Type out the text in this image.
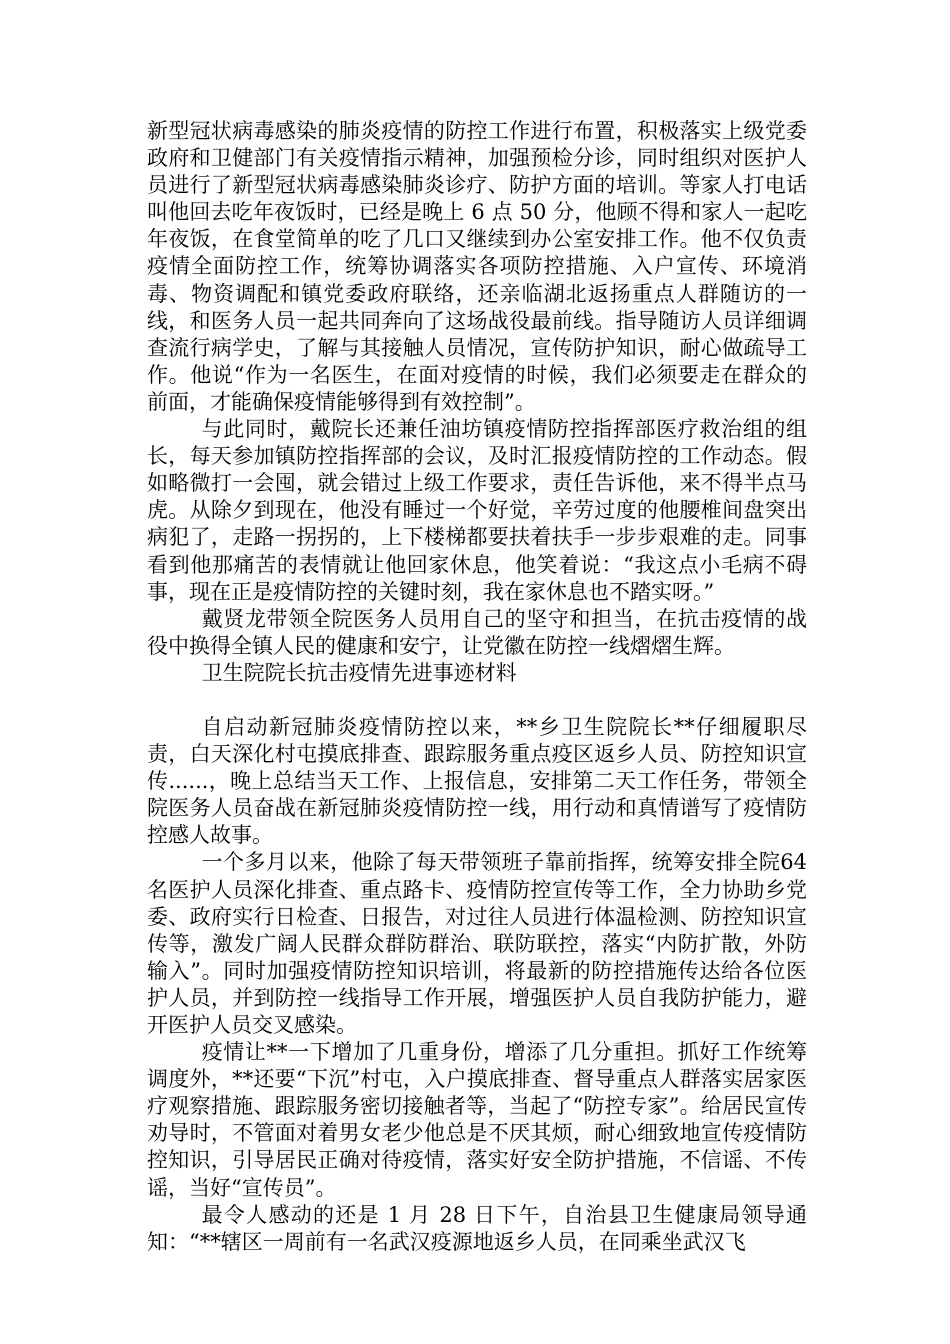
新型冠状病毒感染的肺炎疫情的防控工作进行布置，积极落实上级党委政府和卫健部门有关疫情指示精神，加强预检分诊，同时组织对医护人员进行了新型冠状病毒感染肺炎诊疗、防护方面的培训。等家人打电话叫他回去吃年夜饭时，已经是晚上 6 点 50 分，他顾不得和家人一起吃年夜饭，在食堂简单的吃了几口又继续到办公室安排工作。他不仅负责疫情全面防控工作，统筹协调落实各项防控措施、入户宣传、环境消毒、物资调配和镇党委政府联络，还亲临湖北返扬重点人群随访的一线，和医务人员一起共同奔向了这场战役最前线。指导随访人员详细调查流行病学史，了解与其接触人员情况，宣传防护知识，耐心做疏导工作。他说“作为一名医生，在面对疫情的时候，我们必须要走在群众的前面，才能确保疫情能够得到有效控制”。

与此同时，戴院长还兼任油坊镇疫情防控指挥部医疗救治组的组长，每天参加镇防控指挥部的会议，及时汇报疫情防控的工作动态。假如略微打一会囤，就会错过上级工作要求，责任告诉他，来不得半点马虎。从除夕到现在，他没有睡过一个好觉，辛劳过度的他腰椎间盘突出病犯了，走路一拐拐的，上下楼梯都要扶着扶手一步步艰难的走。同事看到他那痛苦的表情就让他回家休息，他笑着说：“我这点小毛病不碍事，现在正是疫情防控的关键时刻，我在家休息也不踏实呀。”

戴贤龙带领全院医务人员用自己的坚守和担当，在抗击疫情的战役中换得全镇人民的健康和安宁，让党徽在防控一线熠熠生辉。

卫生院院长抗击疫情先进事迹材料

自启动新冠肺炎疫情防控以来，**乡卫生院院长**仔细履职尽责，白天深化村屯摸底排查、跟踪服务重点疫区返乡人员、防控知识宣传......，晚上总结当天工作、上报信息，安排第二天工作任务，带领全院医务人员奋战在新冠肺炎疫情防控一线，用行动和真情谱写了疫情防控感人故事。

一个多月以来，他除了每天带领班子靠前指挥，统筹安排全院64 名医护人员深化排查、重点路卡、疫情防控宣传等工作，全力协助乡党委、政府实行日检查、日报告，对过往人员进行体温检测、防控知识宣传等，激发广阔人民群众群防群治、联防联控，落实“内防扩散，外防输入”。同时加强疫情防控知识培训，将最新的防控措施传达给各位医护人员，并到防控一线指导工作开展，增强医护人员自我防护能力，避开医护人员交叉感染。

疫情让**一下增加了几重身份，增添了几分重担。抓好工作统筹调度外，**还要“下沉”村屯，入户摸底排查、督导重点人群落实居家医疗观察措施、跟踪服务密切接触者等，当起了“防控专家”。给居民宣传劝导时，不管面对着男女老少他总是不厌其烦，耐心细致地宣传疫情防控知识，引导居民正确对待疫情，落实好安全防护措施，不信谣、不传谣，当好“宣传员”。

最令人感动的还是 1 月 28 日下午，自治县卫生健康局领导通知：“**辖区一周前有一名武汉疫源地返乡人员，在同乘坐武汉飞
